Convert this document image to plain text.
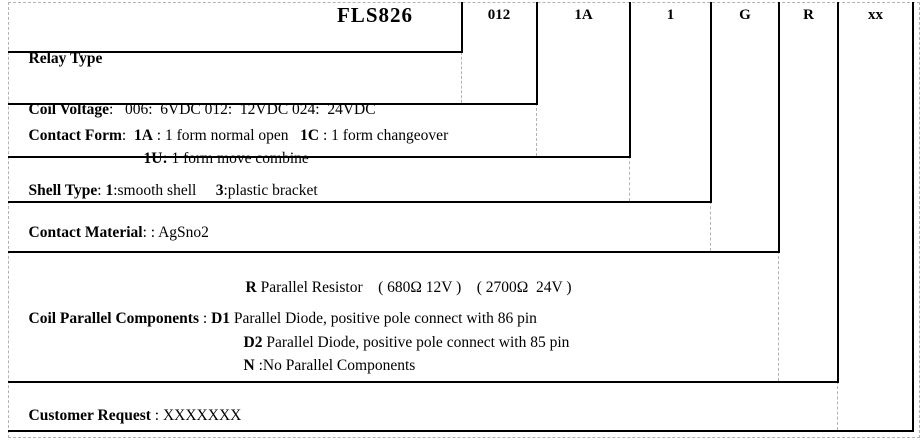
FLS826	012	1A	1	G	R	xx

Relay Type

Coil Voltage:   006:  6VDC 012:  12VDC 024:  24VDC

Contact Form:  1A : 1 form normal open   1C : 1 form changeover

1U: 1 form move combine

Shell Type: 1:smooth shell     3:plastic bracket

Contact Material: : AgSno2

R Parallel Resistor    ( 680Ω 12V )    ( 2700Ω  24V )

Coil Parallel Components : D1 Parallel Diode, positive pole connect with 86 pin

D2 Parallel Diode, positive pole connect with 85 pin

N :No Parallel Components

Customer Request : XXXXXXX
